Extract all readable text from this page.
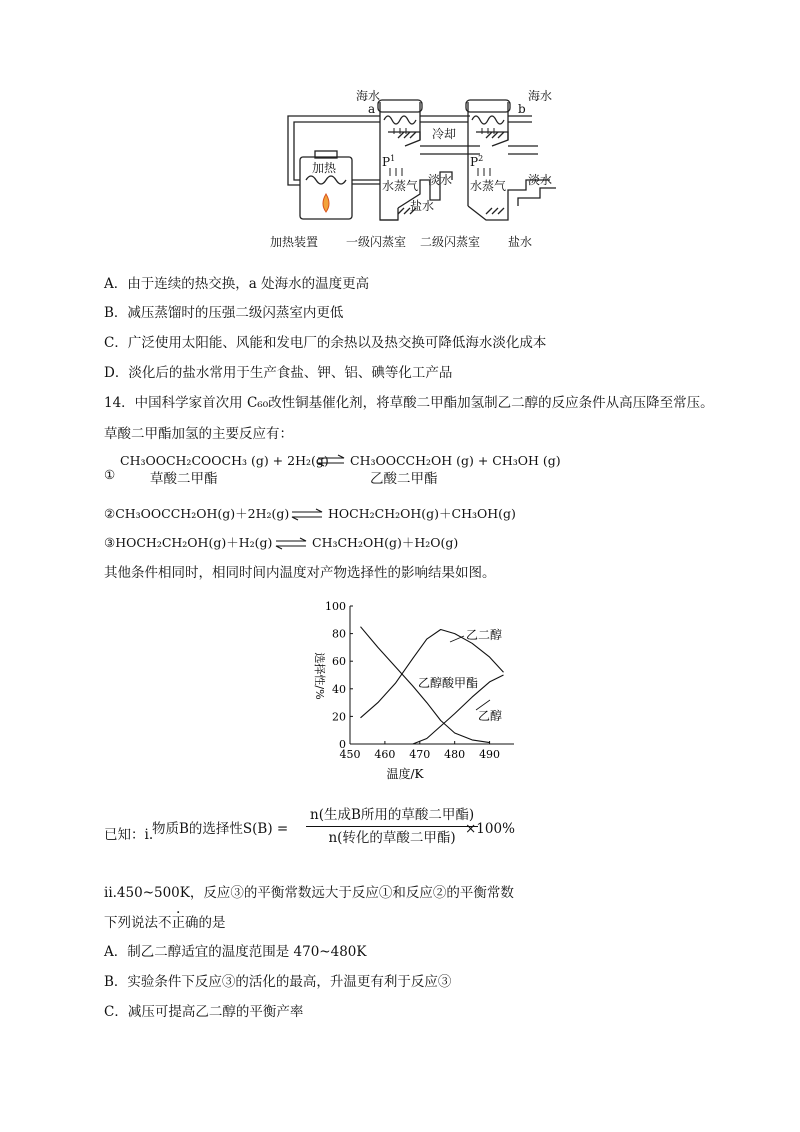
海水
a	b
海水
冷却
加热	$P^1$	$P^2$
水蒸气	水蒸气
淡水	淡水
盐水
盐水
加热装置 一级闪蒸室 二级闪蒸室
A．由于连续的热交换，a 处海水的温度更高
B．减压蒸馏时的压强二级闪蒸室内更低
C．广泛使用太阳能、风能和发电厂的余热以及热交换可降低海水淡化成本
D．淡化后的盐水常用于生产食盐、钾、铝、碘等化工产品
14．中国科学家首次用 C₆₀改性铜基催化剂，将草酸二甲酯加氢制乙二醇的反应条件从高压降至常压。
草酸二甲酯加氢的主要反应有：
①
CH₃OOCH₂COOCH₃ (g) + 2H₂(g) ⇌ CH₃OOCCH₂OH (g) + CH₃OH (g)
草酸二甲酯	乙酸二甲酯
②CH₃OOCCH₂OH(g)＋2H₂(g) ⇌ HOCH₂CH₂OH(g)＋CH₃OH(g)
③HOCH₂CH₂OH(g)＋H₂(g) ⇌ CH₃CH₂OH(g)＋H₂O(g)
其他条件相同时，相同时间内温度对产物选择性的影响结果如图。
450 460 470 480 490
0
20
40
60
80
100
温度/K
选择性/%
乙二醇
乙醇酸甲酯
乙醇
已知：i.
物质B的选择性$S(B) = \frac{\text{n(生成B所用的草酸二甲酯)}}{\text{n(转化的草酸二甲酯)}}$
×100%
ii.450~500K，反应③的平衡常数远大于反应①和反应②的平衡常数
下列说法不正确的是
A．制乙二醇适宜的温度范围是 470~480K
B．实验条件下反应③的活化的最高，升温更有利于反应③
C．减压可提高乙二醇的平衡产率
